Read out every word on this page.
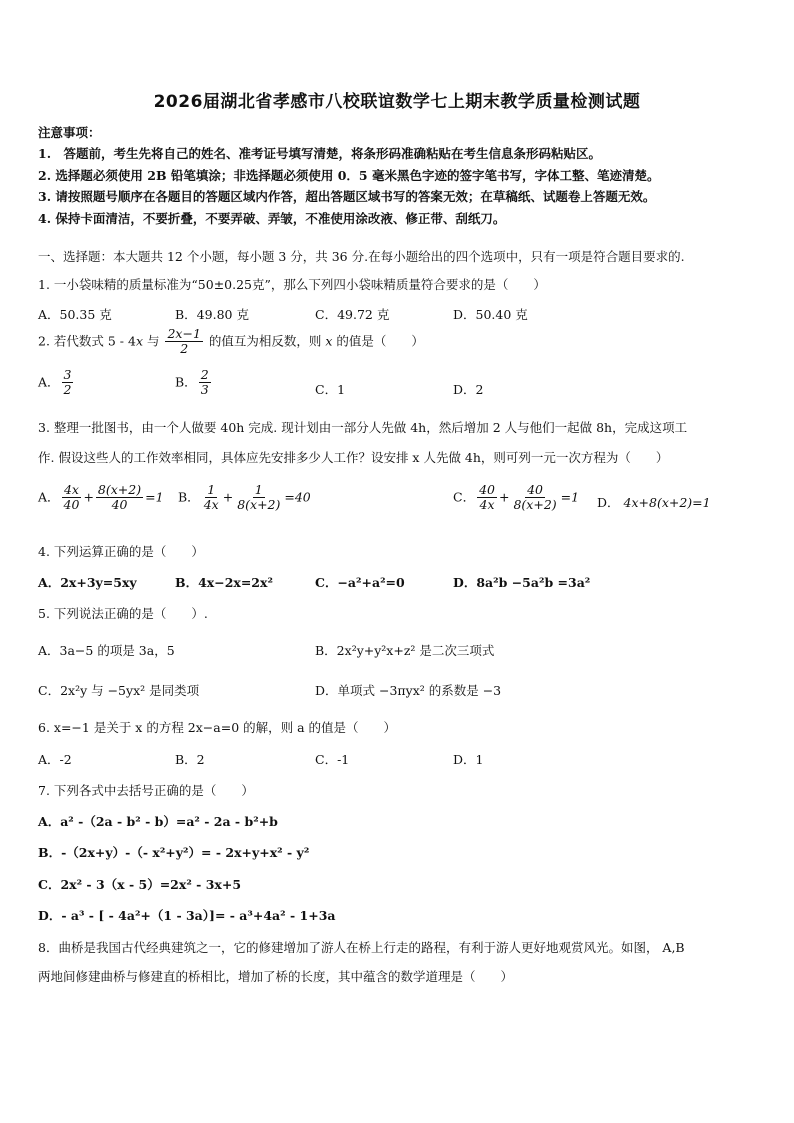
2026届湖北省孝感市八校联谊数学七上期末教学质量检测试题
注意事项：
1.　答题前，考生先将自己的姓名、准考证号填写清楚，将条形码准确粘贴在考生信息条形码粘贴区。
2. 选择题必须使用 2B 铅笔填涂；非选择题必须使用 0．5 毫米黑色字迹的签字笔书写，字体工整、笔迹清楚。
3. 请按照题号顺序在各题目的答题区域内作答，超出答题区域书写的答案无效；在草稿纸、试题卷上答题无效。
4. 保持卡面清洁，不要折叠，不要弄破、弄皱，不准使用涂改液、修正带、刮纸刀。
一、选择题：本大题共 12 个小题，每小题 3 分，共 36 分.在每小题给出的四个选项中，只有一项是符合题目要求的.
1. 一小袋味精的质量标准为“50±0.25克”，那么下列四小袋味精质量符合要求的是（　　）
A．50.35 克	B．49.80 克	C．49.72 克	D．50.40 克
2. 若代数式 5 - 4x 与 $\frac{2x-1}{2}$ 的值互为相反数，则 x 的值是（　　）
A． $\frac{3}{2}$	B． $\frac{2}{3}$	C．1	D．2
3. 整理一批图书，由一个人做要 40h 完成. 现计划由一部分人先做 4h，然后增加 2 人与他们一起做 8h，完成这项工
作. 假设这些人的工作效率相同，具体应先安排多少人工作？设安排 x 人先做 4h，则可列一元一次方程为（　　）
A． $\frac{4x}{40} + \frac{8(x+2)}{40} =1$ B． $\frac{1}{4x} + \frac{1}{8(x+2)} =40$	C． $\frac{40}{4x} + \frac{40}{8(x+2)} =1$ D． 4x+8(x+2)=1
4. 下列运算正确的是（　　）
A．2x+3y=5xy	B．4x−2x=2x²	C．−a²+a²=0	D．8a²b −5a²b =3a²
5. 下列说法正确的是（　　）.
A．3a−5 的项是 3a，5	B．2x²y+y²x+z² 是二次三项式
C．2x²y 与 −5yx² 是同类项	D．单项式 −3πyx² 的系数是 −3
6. x=−1 是关于 x 的方程 2x−a=0 的解，则 a 的值是（　　）
A．-2	B．2	C．-1	D．1
7. 下列各式中去括号正确的是（　　）
A．a² -（2a - b² - b）=a² - 2a - b²+b
B．-（2x+y）-（- x²+y²）= - 2x+y+x² - y²
C．2x² - 3（x - 5）=2x² - 3x+5
D．- a³ - [ - 4a²+（1 - 3a）]= - a³+4a² - 1+3a
8．曲桥是我国古代经典建筑之一，它的修建增加了游人在桥上行走的路程，有利于游人更好地观赏风光。如图， A,B
两地间修建曲桥与修建直的桥相比，增加了桥的长度，其中蕴含的数学道理是（　　）
